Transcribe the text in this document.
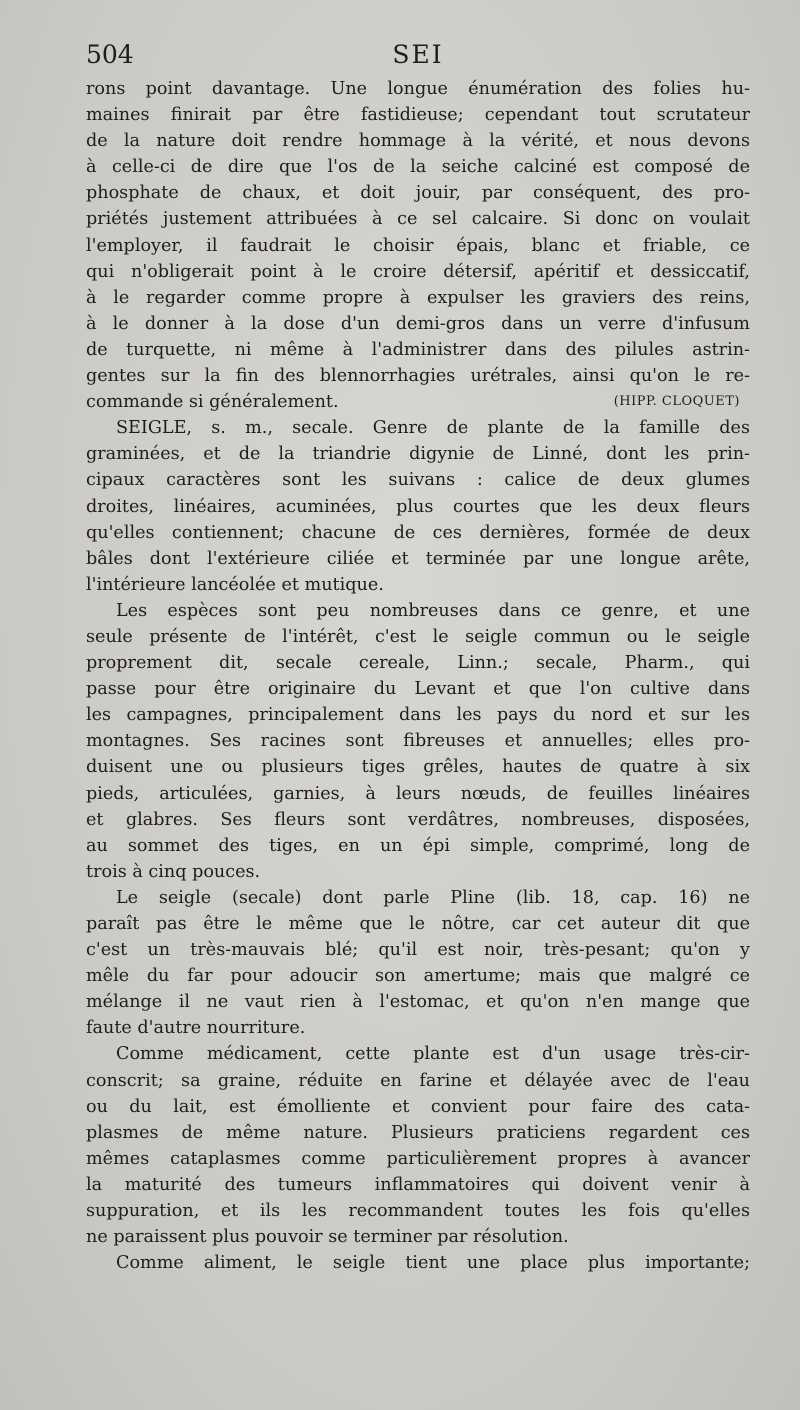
504	SEI
rons point davantage. Une longue énumération des folies hu-
maines finirait par être fastidieuse; cependant tout scrutateur
de la nature doit rendre hommage à la vérité, et nous devons
à celle-ci de dire que l'os de la seiche calciné est composé de
phosphate de chaux, et doit jouir, par conséquent, des pro-
priétés justement attribuées à ce sel calcaire. Si donc on voulait
l'employer, il faudrait le choisir épais, blanc et friable, ce
qui n'obligerait point à le croire détersif, apéritif et dessiccatif,
à le regarder comme propre à expulser les graviers des reins,
à le donner à la dose d'un demi-gros dans un verre d'infusum
de turquette, ni même à l'administrer dans des pilules astrin-
gentes sur la fin des blennorrhagies urétrales, ainsi qu'on le re-
commande si généralement.	(HIPP. CLOQUET)
SEIGLE, s. m., secale. Genre de plante de la famille des
graminées, et de la triandrie digynie de Linné, dont les prin-
cipaux caractères sont les suivans : calice de deux glumes
droites, linéaires, acuminées, plus courtes que les deux fleurs
qu'elles contiennent; chacune de ces dernières, formée de deux
bâles dont l'extérieure ciliée et terminée par une longue arête,
l'intérieure lancéolée et mutique.
Les espèces sont peu nombreuses dans ce genre, et une
seule présente de l'intérêt, c'est le seigle commun ou le seigle
proprement dit, secale cereale, Linn.; secale, Pharm., qui
passe pour être originaire du Levant et que l'on cultive dans
les campagnes, principalement dans les pays du nord et sur les
montagnes. Ses racines sont fibreuses et annuelles; elles pro-
duisent une ou plusieurs tiges grêles, hautes de quatre à six
pieds, articulées, garnies, à leurs nœuds, de feuilles linéaires
et glabres. Ses fleurs sont verdâtres, nombreuses, disposées,
au sommet des tiges, en un épi simple, comprimé, long de
trois à cinq pouces.
Le seigle (secale) dont parle Pline (lib. 18, cap. 16) ne
paraît pas être le même que le nôtre, car cet auteur dit que
c'est un très-mauvais blé; qu'il est noir, très-pesant; qu'on y
mêle du far pour adoucir son amertume; mais que malgré ce
mélange il ne vaut rien à l'estomac, et qu'on n'en mange que
faute d'autre nourriture.
Comme médicament, cette plante est d'un usage très-cir-
conscrit; sa graine, réduite en farine et délayée avec de l'eau
ou du lait, est émolliente et convient pour faire des cata-
plasmes de même nature. Plusieurs praticiens regardent ces
mêmes cataplasmes comme particulièrement propres à avancer
la maturité des tumeurs inflammatoires qui doivent venir à
suppuration, et ils les recommandent toutes les fois qu'elles
ne paraissent plus pouvoir se terminer par résolution.
Comme aliment, le seigle tient une place plus importante;
